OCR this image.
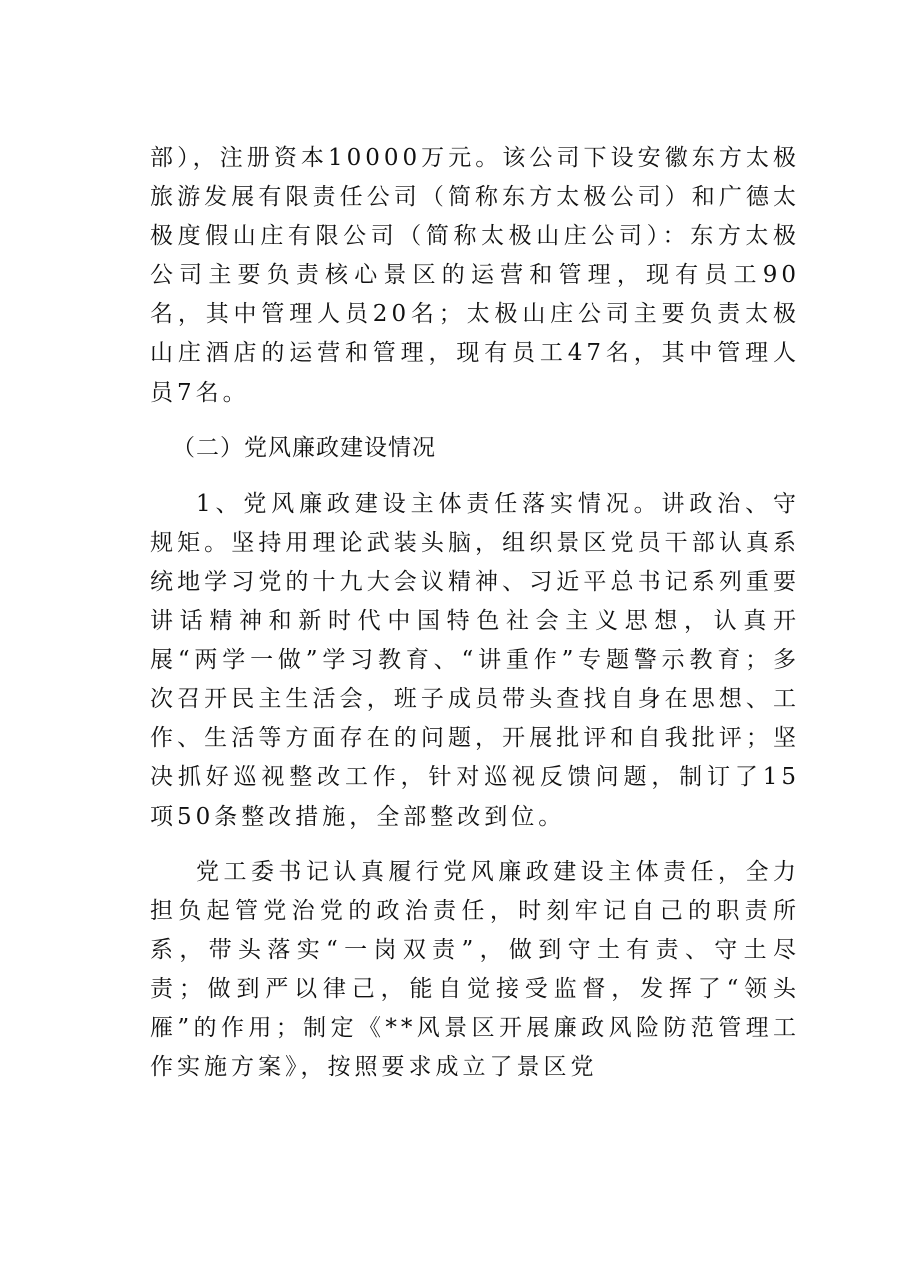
部），注册资本10000万元。该公司下设安徽东方太极旅游发展有限责任公司（简称东方太极公司）和广德太极度假山庄有限公司（简称太极山庄公司）：东方太极公司主要负责核心景区的运营和管理，现有员工90名，其中管理人员20名；太极山庄公司主要负责太极山庄酒店的运营和管理，现有员工47名，其中管理人员7名。

（二）党风廉政建设情况

1、党风廉政建设主体责任落实情况。讲政治、守规矩。坚持用理论武装头脑，组织景区党员干部认真系统地学习党的十九大会议精神、习近平总书记系列重要讲话精神和新时代中国特色社会主义思想，认真开展“两学一做”学习教育、“讲重作”专题警示教育；多次召开民主生活会，班子成员带头查找自身在思想、工作、生活等方面存在的问题，开展批评和自我批评；坚决抓好巡视整改工作，针对巡视反馈问题，制订了15项50条整改措施，全部整改到位。

党工委书记认真履行党风廉政建设主体责任，全力担负起管党治党的政治责任，时刻牢记自己的职责所系，带头落实“一岗双责”，做到守土有责、守土尽责；做到严以律己，能自觉接受监督，发挥了“领头雁”的作用；制定《**风景区开展廉政风险防范管理工作实施方案》，按照要求成立了景区党
